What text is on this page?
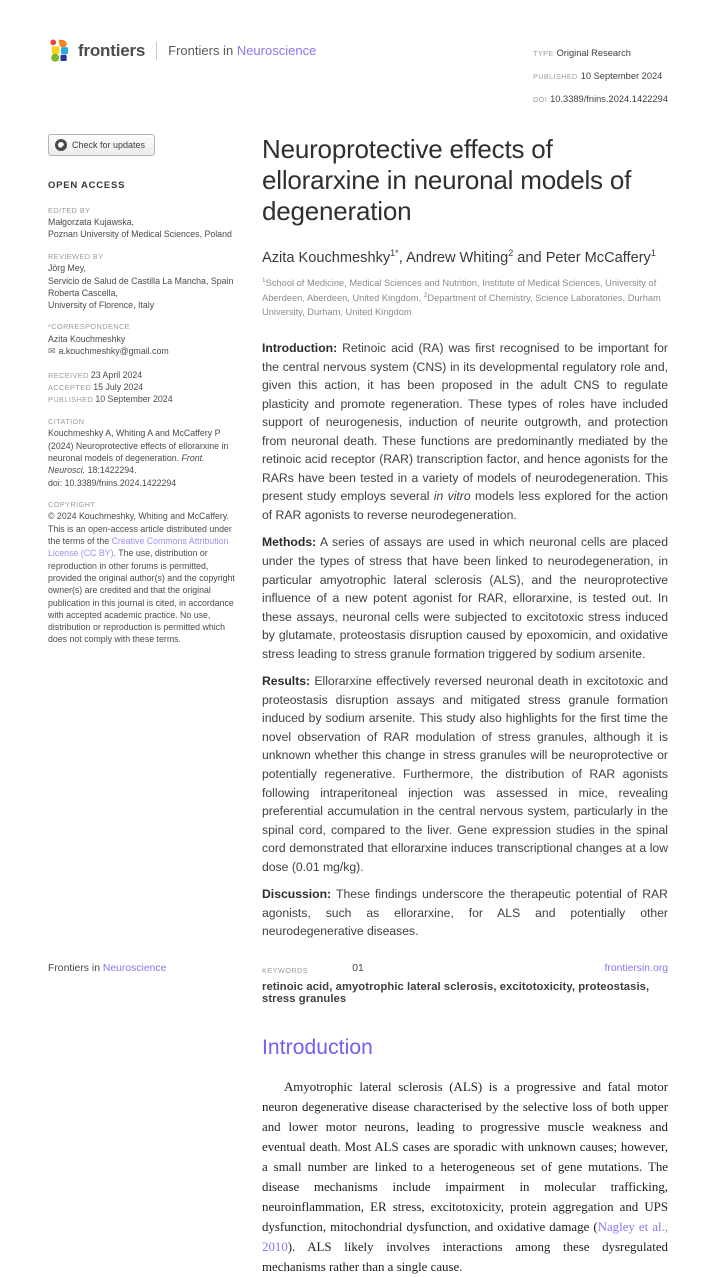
frontiers Frontiers in Neuroscience	TYPE Original Research
PUBLISHED 10 September 2024
DOI 10.3389/fnins.2024.1422294
Check for updates
OPEN ACCESS
EDITED BY
Małgorzata Kujawska,
Poznan University of Medical Sciences, Poland
REVIEWED BY
Jörg Mey,
Servicio de Salud de Castilla La Mancha, Spain
Roberta Cascella,
University of Florence, Italy
*CORRESPONDENCE
Azita Kouchmeshky
✉ a.kouchmeshky@gmail.com
RECEIVED 23 April 2024
ACCEPTED 15 July 2024
PUBLISHED 10 September 2024
CITATION
Kouchmeshky A, Whiting A and McCaffery P (2024) Neuroprotective effects of ellorarxine in neuronal models of degeneration. Front. Neurosci. 18:1422294.
doi: 10.3389/fnins.2024.1422294
COPYRIGHT
© 2024 Kouchmeshky, Whiting and McCaffery. This is an open-access article distributed under the terms of the Creative Commons Attribution License (CC BY). The use, distribution or reproduction in other forums is permitted, provided the original author(s) and the copyright owner(s) are credited and that the original publication in this journal is cited, in accordance with accepted academic practice. No use, distribution or reproduction is permitted which does not comply with these terms.
Neuroprotective effects of ellorarxine in neuronal models of degeneration
Azita Kouchmeshky$^{1*}$, Andrew Whiting$^2$ and Peter McCaffery$^1$
$^1$School of Medicine, Medical Sciences and Nutrition, Institute of Medical Sciences, University of Aberdeen, Aberdeen, United Kingdom, $^2$Department of Chemistry, Science Laboratories, Durham University, Durham, United Kingdom

Introduction: Retinoic acid (RA) was first recognised to be important for the central nervous system (CNS) in its developmental regulatory role and, given this action, it has been proposed in the adult CNS to regulate plasticity and promote regeneration. These types of roles have included support of neurogenesis, induction of neurite outgrowth, and protection from neuronal death. These functions are predominantly mediated by the retinoic acid receptor (RAR) transcription factor, and hence agonists for the RARs have been tested in a variety of models of neurodegeneration. This present study employs several in vitro models less explored for the action of RAR agonists to reverse neurodegeneration.

Methods: A series of assays are used in which neuronal cells are placed under the types of stress that have been linked to neurodegeneration, in particular amyotrophic lateral sclerosis (ALS), and the neuroprotective influence of a new potent agonist for RAR, ellorarxine, is tested out. In these assays, neuronal cells were subjected to excitotoxic stress induced by glutamate, proteostasis disruption caused by epoxomicin, and oxidative stress leading to stress granule formation triggered by sodium arsenite.

Results: Ellorarxine effectively reversed neuronal death in excitotoxic and proteostasis disruption assays and mitigated stress granule formation induced by sodium arsenite. This study also highlights for the first time the novel observation of RAR modulation of stress granules, although it is unknown whether this change in stress granules will be neuroprotective or potentially regenerative. Furthermore, the distribution of RAR agonists following intraperitoneal injection was assessed in mice, revealing preferential accumulation in the central nervous system, particularly in the spinal cord, compared to the liver. Gene expression studies in the spinal cord demonstrated that ellorarxine induces transcriptional changes at a low dose (0.01 mg/kg).

Discussion: These findings underscore the therapeutic potential of RAR agonists, such as ellorarxine, for ALS and potentially other neurodegenerative diseases.

KEYWORDS
retinoic acid, amyotrophic lateral sclerosis, excitotoxicity, proteostasis, stress granules
Introduction

Amyotrophic lateral sclerosis (ALS) is a progressive and fatal motor neuron degenerative disease characterised by the selective loss of both upper and lower motor neurons, leading to progressive muscle weakness and eventual death. Most ALS cases are sporadic with unknown causes; however, a small number are linked to a heterogeneous set of gene mutations. The disease mechanisms include impairment in molecular trafficking, neuroinflammation, ER stress, excitotoxicity, protein aggregation and UPS dysfunction, mitochondrial dysfunction, and oxidative damage (Nagley et al., 2010). ALS likely involves interactions among these dysregulated mechanisms rather than a single cause.

Frontiers in Neuroscience	01	frontiersin.org
